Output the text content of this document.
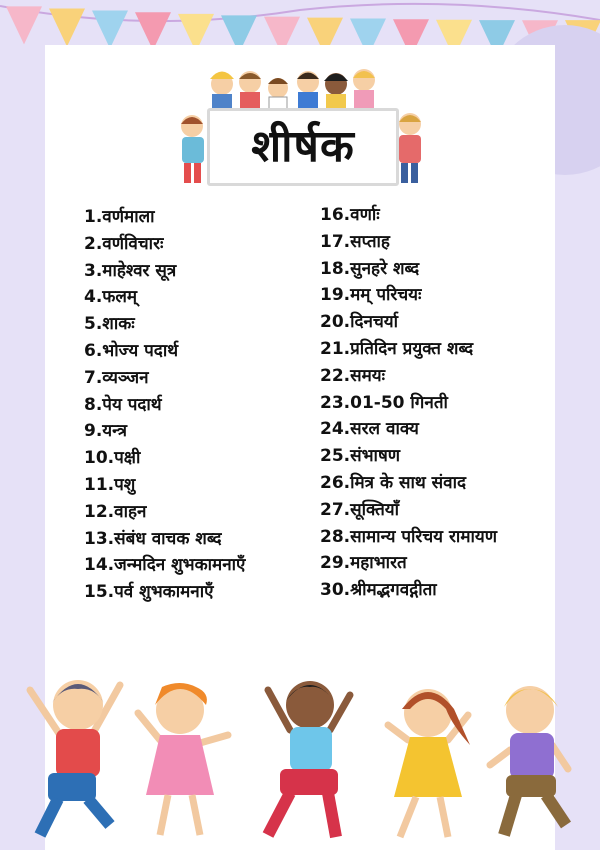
शीर्षक
1.वर्णमाला
2.वर्णविचारः
3.माहेश्वर सूत्र
4.फलम्
5.शाकः
6.भोज्य पदार्थ
7.व्यञ्जन
8.पेय पदार्थ
9.यन्त्र
10.पक्षी
11.पशु
12.वाहन
13.संबंध वाचक शब्द
14.जन्मदिन शुभकामनाएँ
15.पर्व शुभकामनाएँ
16.वर्णाः
17.सप्ताह
18.सुनहरे शब्द
19.मम् परिचयः
20.दिनचर्या
21.प्रतिदिन प्रयुक्त शब्द
22.समयः
23.01-50 गिनती
24.सरल वाक्य
25.संभाषण
26.मित्र के साथ संवाद
27.सूक्तियाँ
28.सामान्य परिचय रामायण
29.महाभारत
30.श्रीमद्भगवद्गीता
